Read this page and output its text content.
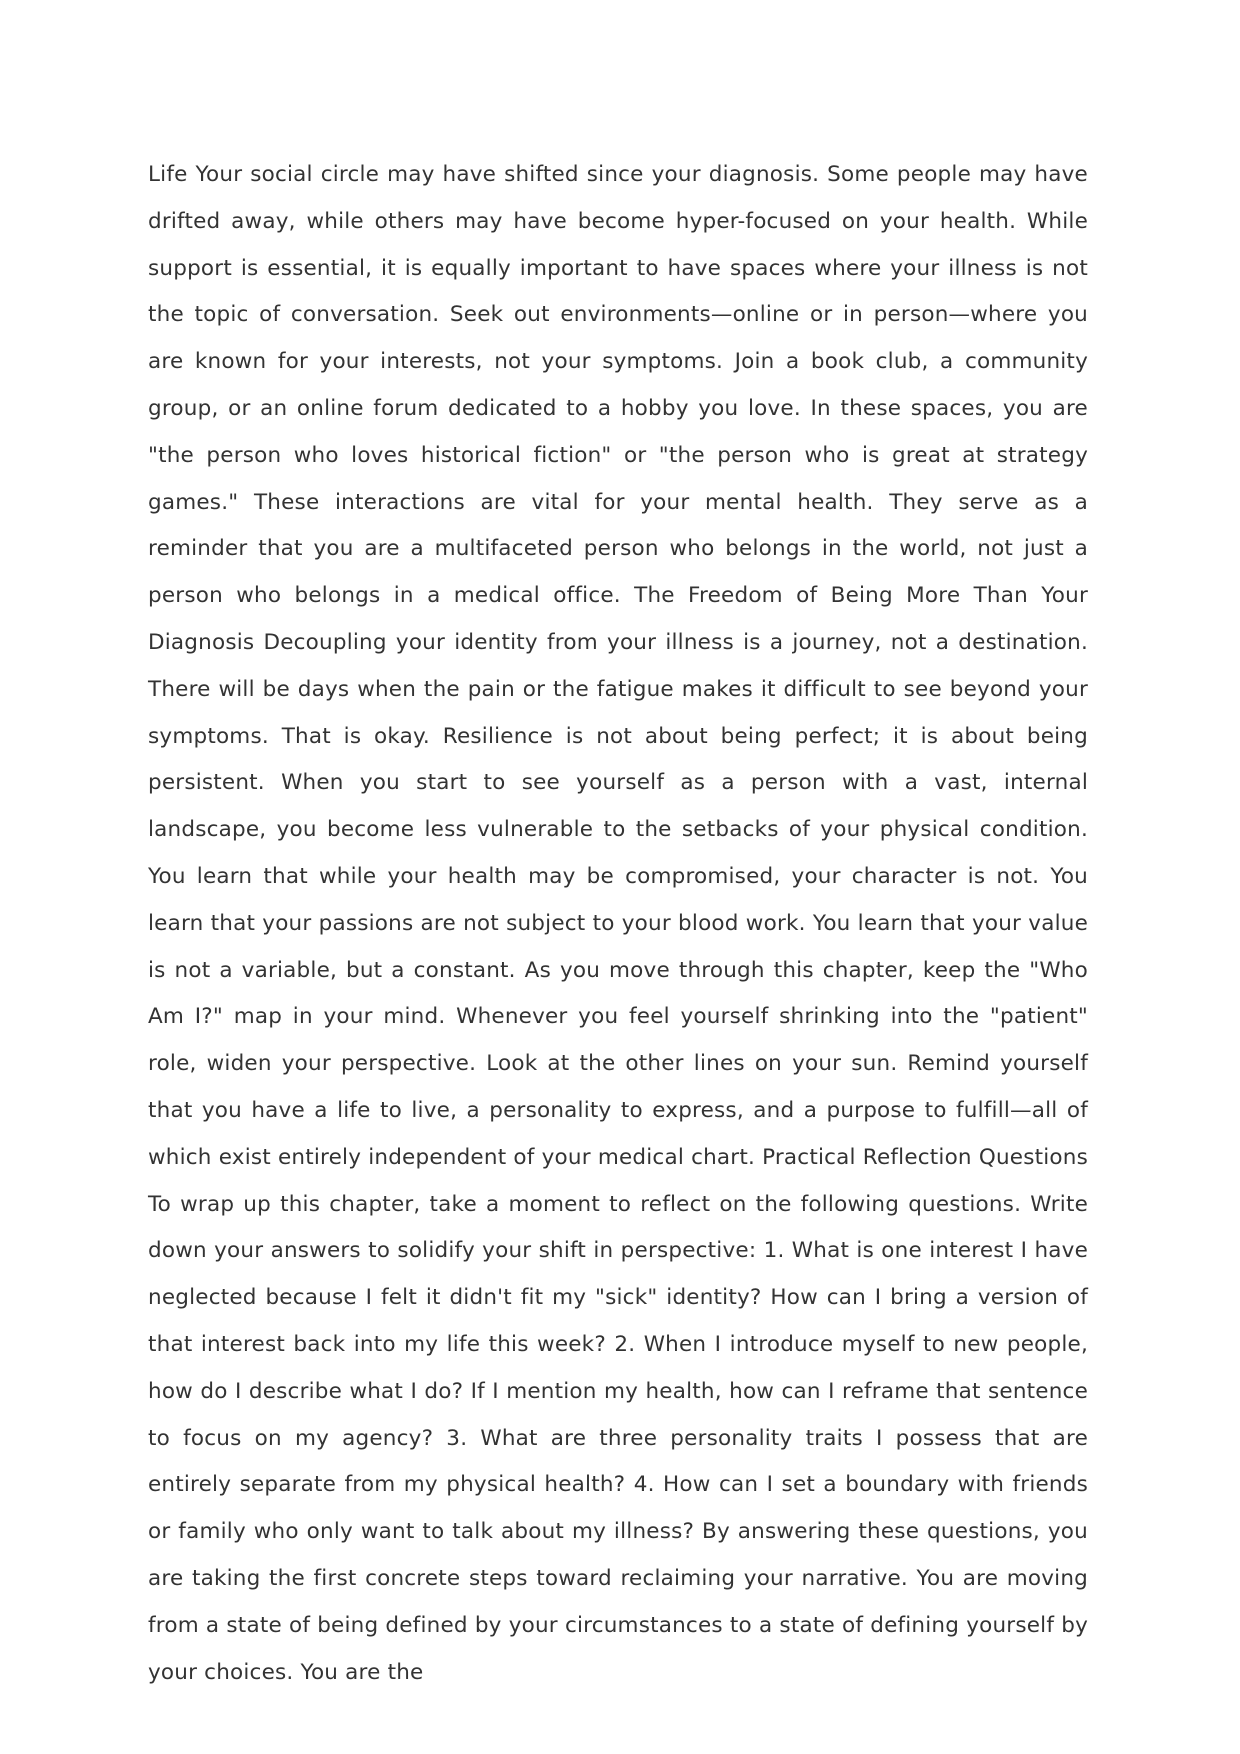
Life Your social circle may have shifted since your diagnosis. Some people may have drifted away, while others may have become hyper-focused on your health. While support is essential, it is equally important to have spaces where your illness is not the topic of conversation. Seek out environments—online or in person—where you are known for your interests, not your symptoms. Join a book club, a community group, or an online forum dedicated to a hobby you love. In these spaces, you are "the person who loves historical fiction" or "the person who is great at strategy games." These interactions are vital for your mental health. They serve as a reminder that you are a multifaceted person who belongs in the world, not just a person who belongs in a medical office. The Freedom of Being More Than Your Diagnosis Decoupling your identity from your illness is a journey, not a destination. There will be days when the pain or the fatigue makes it difficult to see beyond your symptoms. That is okay. Resilience is not about being perfect; it is about being persistent. When you start to see yourself as a person with a vast, internal landscape, you become less vulnerable to the setbacks of your physical condition. You learn that while your health may be compromised, your character is not. You learn that your passions are not subject to your blood work. You learn that your value is not a variable, but a constant. As you move through this chapter, keep the "Who Am I?" map in your mind. Whenever you feel yourself shrinking into the "patient" role, widen your perspective. Look at the other lines on your sun. Remind yourself that you have a life to live, a personality to express, and a purpose to fulfill—all of which exist entirely independent of your medical chart. Practical Reflection Questions To wrap up this chapter, take a moment to reflect on the following questions. Write down your answers to solidify your shift in perspective: 1. What is one interest I have neglected because I felt it didn't fit my "sick" identity? How can I bring a version of that interest back into my life this week? 2. When I introduce myself to new people, how do I describe what I do? If I mention my health, how can I reframe that sentence to focus on my agency? 3. What are three personality traits I possess that are entirely separate from my physical health? 4. How can I set a boundary with friends or family who only want to talk about my illness? By answering these questions, you are taking the first concrete steps toward reclaiming your narrative. You are moving from a state of being defined by your circumstances to a state of defining yourself by your choices. You are the
